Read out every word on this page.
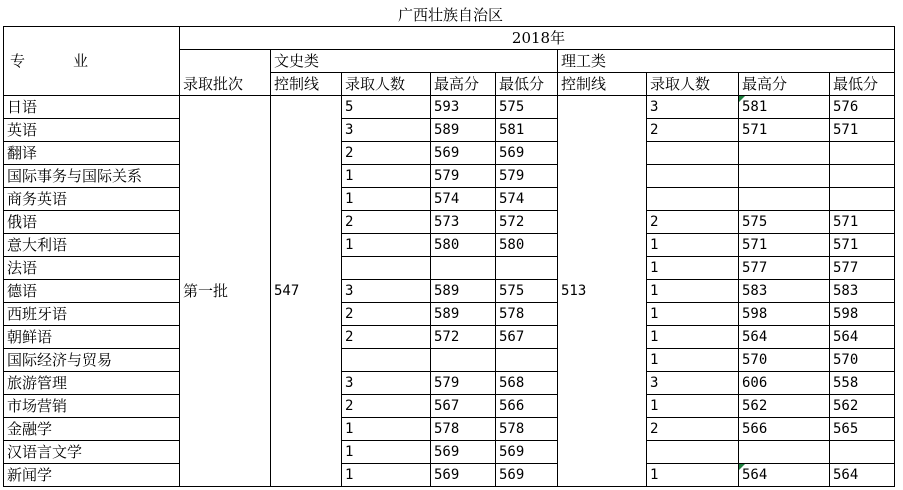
广西壮族自治区									
专 业	2018年								
		文史类				理工类			
	录取批次	控制线	录取人数	最高分	最低分	控制线	录取人数	最高分	最低分
日语	第一批	547	5	593	575	513	3	581	576
英语			3	589	581		2	571	571
翻译			2	569	569				
国际事务与国际关系			1	579	579				
商务英语			1	574	574				
俄语			2	573	572		2	575	571
意大利语			1	580	580		1	571	571
法语							1	577	577
德语			3	589	575		1	583	583
西班牙语			2	589	578		1	598	598
朝鲜语			2	572	567		1	564	564
国际经济与贸易							1	570	570
旅游管理			3	579	568		3	606	558
市场营销			2	567	566		1	562	562
金融学			1	578	578		2	566	565
汉语言文学			1	569	569				
新闻学			1	569	569		1	564	564
